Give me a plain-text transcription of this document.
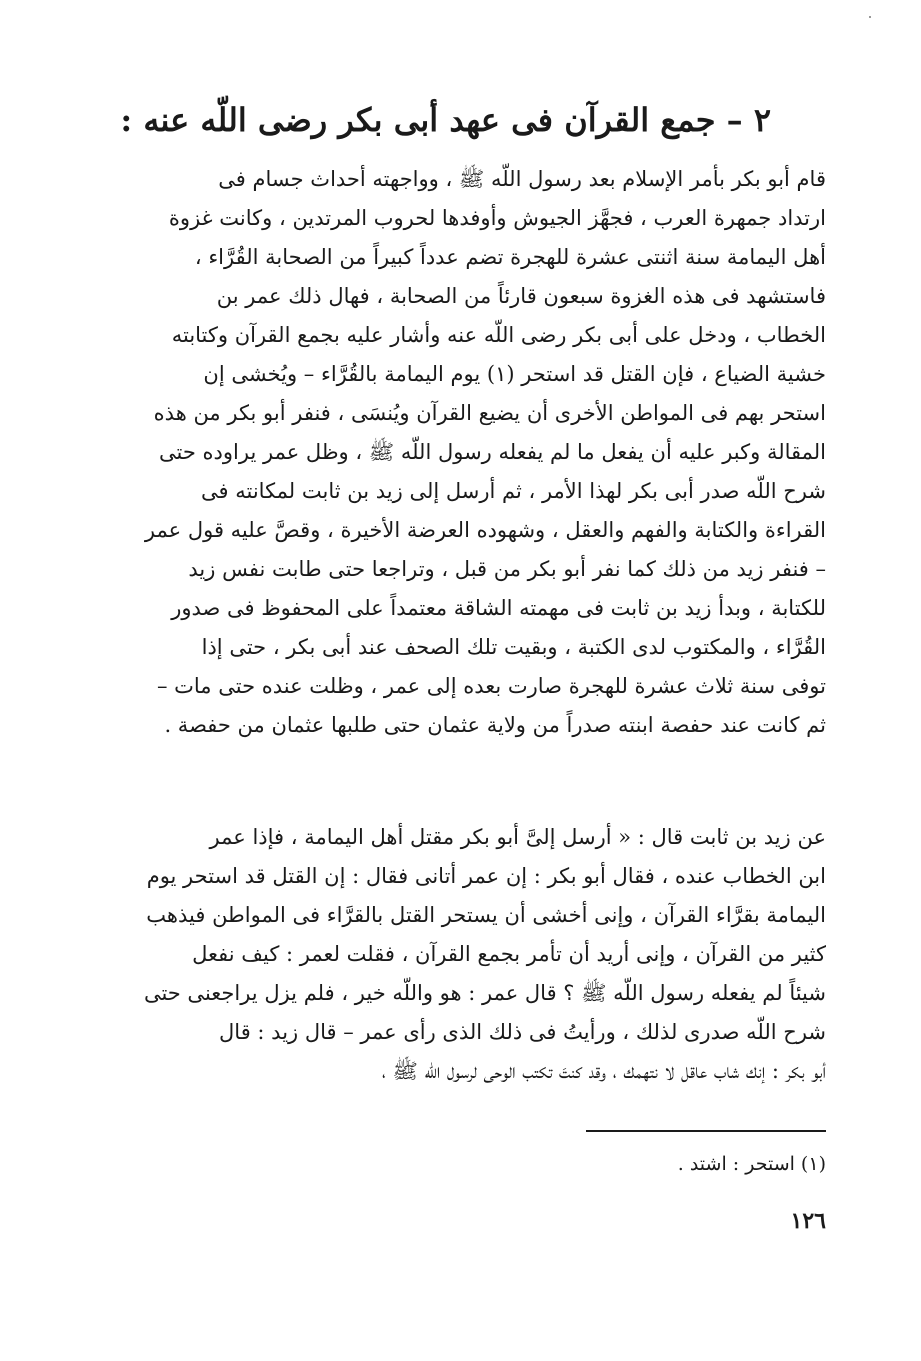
٢ – جمع القرآن فى عهد أبى بكر رضى اللّه عنه :
قام أبو بكر بأمر الإسلام بعد رسول اللّه ﷺ ، وواجهته أحداث جسام فى
ارتداد جمهرة العرب ، فجهَّز الجيوش وأوفدها لحروب المرتدين ، وكانت غزوة
أهل اليمامة سنة اثنتى عشرة للهجرة تضم عدداً كبيراً من الصحابة القُرَّاء ،
فاستشهد فى هذه الغزوة سبعون قارئاً من الصحابة ، فهال ذلك عمر بن
الخطاب ، ودخل على أبى بكر رضى اللّه عنه وأشار عليه بجمع القرآن وكتابته
خشية الضياع ، فإن القتل قد استحر (١) يوم اليمامة بالقُرَّاء – ويُخشى إن
استحر بهم فى المواطن الأخرى أن يضيع القرآن ويُنسَى ، فنفر أبو بكر من هذه
المقالة وكبر عليه أن يفعل ما لم يفعله رسول اللّه ﷺ ، وظل عمر يراوده حتى
شرح اللّه صدر أبى بكر لهذا الأمر ، ثم أرسل إلى زيد بن ثابت لمكانته فى
القراءة والكتابة والفهم والعقل ، وشهوده العرضة الأخيرة ، وقصَّ عليه قول عمر
– فنفر زيد من ذلك كما نفر أبو بكر من قبل ، وتراجعا حتى طابت نفس زيد
للكتابة ، وبدأ زيد بن ثابت فى مهمته الشاقة معتمداً على المحفوظ فى صدور
القُرَّاء ، والمكتوب لدى الكتبة ، وبقيت تلك الصحف عند أبى بكر ، حتى إذا
توفى سنة ثلاث عشرة للهجرة صارت بعده إلى عمر ، وظلت عنده حتى مات –
ثم كانت عند حفصة ابنته صدراً من ولاية عثمان حتى طلبها عثمان من حفصة .
عن زيد بن ثابت قال : « أرسل إلىَّ أبو بكر مقتل أهل اليمامة ، فإذا عمر
ابن الخطاب عنده ، فقال أبو بكر : إن عمر أتانى فقال : إن القتل قد استحر يوم
اليمامة بقرَّاء القرآن ، وإنى أخشى أن يستحر القتل بالقرَّاء فى المواطن فيذهب
كثير من القرآن ، وإنى أريد أن تأمر بجمع القرآن ، فقلت لعمر : كيف نفعل
شيئاً لم يفعله رسول اللّه ﷺ ؟ قال عمر : هو واللّه خير ، فلم يزل يراجعنى حتى
شرح اللّه صدرى لذلك ، ورأيتُ فى ذلك الذى رأى عمر – قال زيد : قال
أبو بكر : إنك شاب عاقل لا نتهمك ، وقد كنتَ تكتب الوحى لرسول اللّه ﷺ ،
(١) استحر : اشتد .
١٢٦
